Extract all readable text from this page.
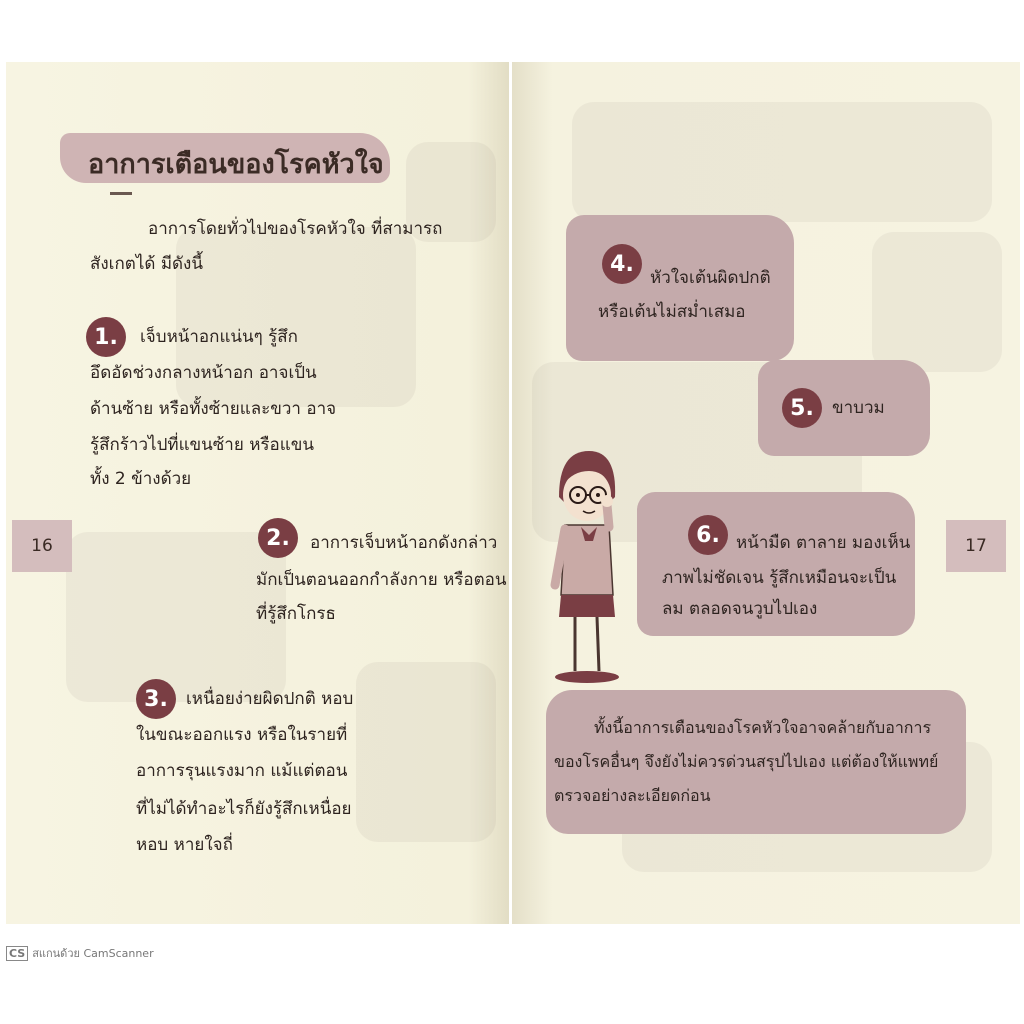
อาการเตือนของโรคหัวใจ
อาการโดยทั่วไปของโรคหัวใจ ที่สามารถ
สังเกตได้ มีดังนี้
1.	เจ็บหน้าอกแน่นๆ รู้สึก
อึดอัดช่วงกลางหน้าอก อาจเป็น
ด้านซ้าย หรือทั้งซ้ายและขวา อาจ
รู้สึกร้าวไปที่แขนซ้าย หรือแขน
ทั้ง 2 ข้างด้วย
2.	อาการเจ็บหน้าอกดังกล่าว
มักเป็นตอนออกกำลังกาย หรือตอน
ที่รู้สึกโกรธ
3.	เหนื่อยง่ายผิดปกติ หอบ
ในขณะออกแรง หรือในรายที่
อาการรุนแรงมาก แม้แต่ตอน
ที่ไม่ได้ทำอะไรก็ยังรู้สึกเหนื่อย
หอบ หายใจถี่
16	17
4.
หัวใจเต้นผิดปกติ
หรือเต้นไม่สม่ำเสมอ
5.	ขาบวม
6. หน้ามืด ตาลาย มองเห็น
ภาพไม่ชัดเจน รู้สึกเหมือนจะเป็น
ลม ตลอดจนวูบไปเอง
ทั้งนี้อาการเตือนของโรคหัวใจอาจคล้ายกับอาการ
ของโรคอื่นๆ จึงยังไม่ควรด่วนสรุปไปเอง แต่ต้องให้แพทย์
ตรวจอย่างละเอียดก่อน
CS สแกนด้วย CamScanner
